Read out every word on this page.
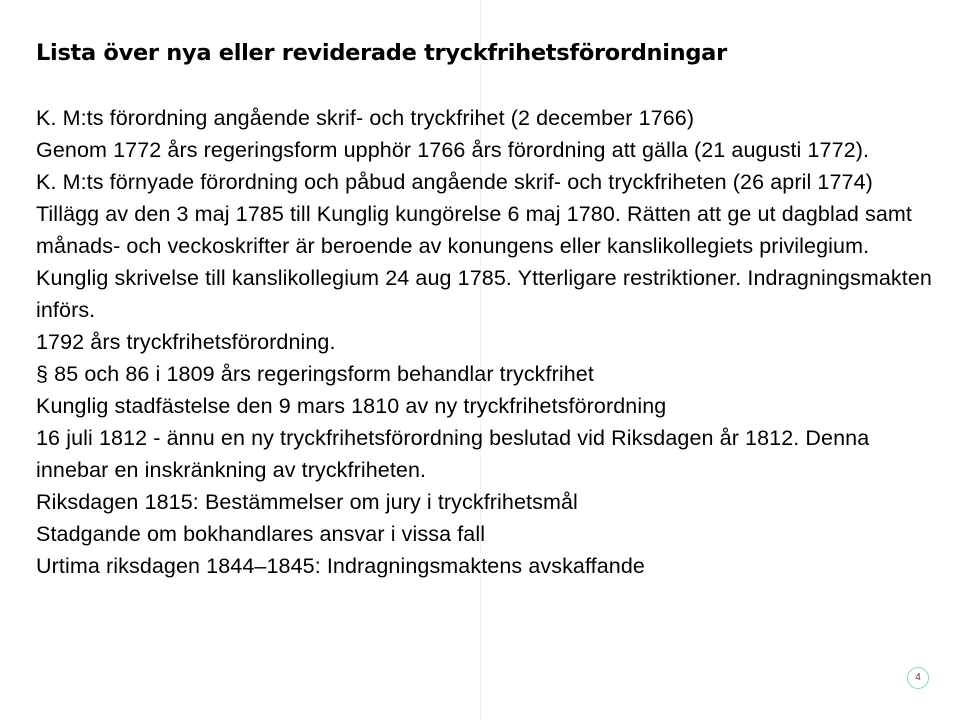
Lista över nya eller reviderade tryckfrihetsförordningar
K. M:ts förordning angående skrif- och tryckfrihet (2 december 1766)
Genom 1772 års regeringsform upphör 1766 års förordning att gälla (21 augusti 1772).
K. M:ts förnyade förordning och påbud angående skrif- och tryckfriheten (26 april 1774)
Tillägg av den 3 maj 1785 till Kunglig kungörelse 6 maj 1780. Rätten att ge ut dagblad samt månads- och veckoskrifter är beroende av konungens eller kanslikollegiets privilegium.
Kunglig skrivelse till kanslikollegium 24 aug 1785. Ytterligare restriktioner. Indragningsmakten införs.
1792 års tryckfrihetsförordning.
§ 85 och 86 i 1809 års regeringsform behandlar tryckfrihet
Kunglig stadfästelse den 9 mars 1810 av ny tryckfrihetsförordning
16 juli 1812 - ännu en ny tryckfrihetsförordning beslutad vid Riksdagen år 1812. Denna innebar en inskränkning av tryckfriheten.
Riksdagen 1815: Bestämmelser om jury i tryckfrihetsmål
Stadgande om bokhandlares ansvar i vissa fall
Urtima riksdagen 1844–1845: Indragningsmaktens avskaffande
4
